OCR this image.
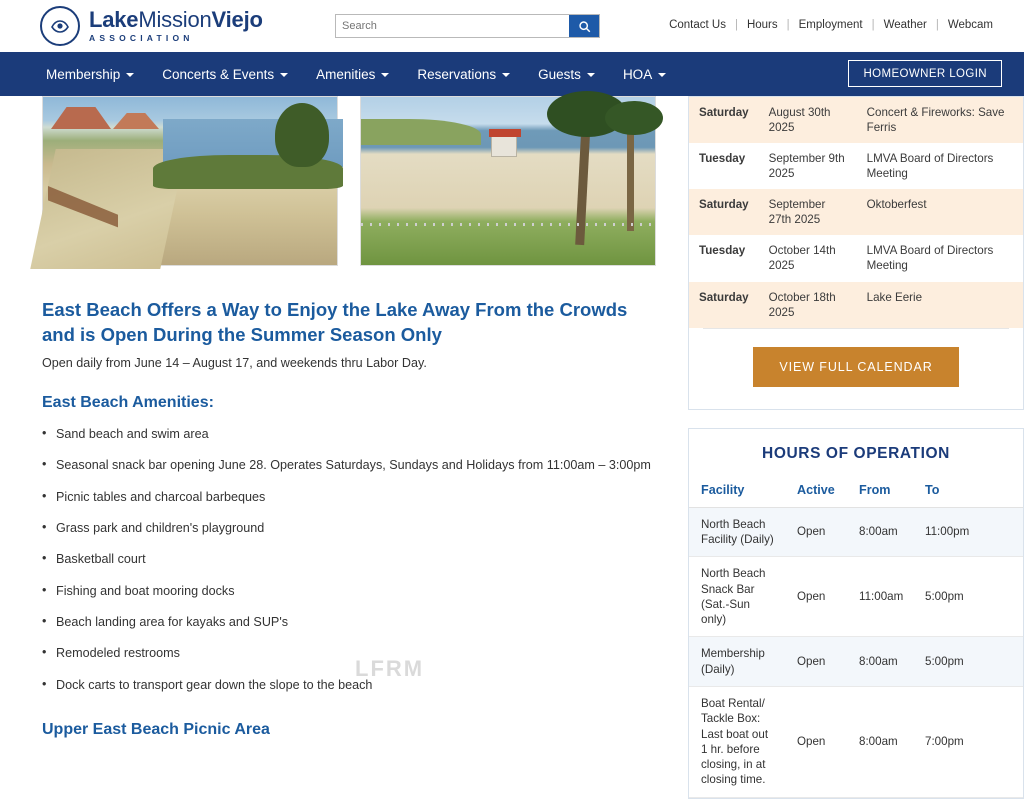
LakeMissionViejo
ASSOCIATION
Search
Contact Us | Hours | Employment | Weather | Webcam
Membership	Concerts & Events	Amenities	Reservations	Guests	HOA	HOMEOWNER LOGIN
East Beach Offers a Way to Enjoy the Lake Away From the Crowds and is Open During the Summer Season Only

Open daily from June 14 – August 17, and weekends thru Labor Day.

East Beach Amenities:
• Sand beach and swim area
• Seasonal snack bar opening June 28. Operates Saturdays, Sundays and Holidays from 11:00am – 3:00pm
• Picnic tables and charcoal barbeques
• Grass park and children's playground
• Basketball court
• Fishing and boat mooring docks
• Beach landing area for kayaks and SUP's
• Remodeled restrooms
• Dock carts to transport gear down the slope to the beach
Upper East Beach Picnic Area
Saturday	August 30th 2025	Concert & Fireworks: Save Ferris
Tuesday	September 9th 2025	LMVA Board of Directors Meeting
Saturday	September 27th 2025	Oktoberfest
Tuesday	October 14th 2025	LMVA Board of Directors Meeting
Saturday	October 18th 2025	Lake Eerie
VIEW FULL CALENDAR
HOURS OF OPERATION
Facility	Active	From	To
North Beach Facility (Daily)	Open	8:00am	11:00pm
North Beach Snack Bar (Sat.-Sun only)	Open	11:00am	5:00pm
Membership (Daily)	Open	8:00am	5:00pm
Boat Rental/ Tackle Box: Last boat out 1 hr. before closing, in at closing time.	Open	8:00am	7:00pm
LFRM
